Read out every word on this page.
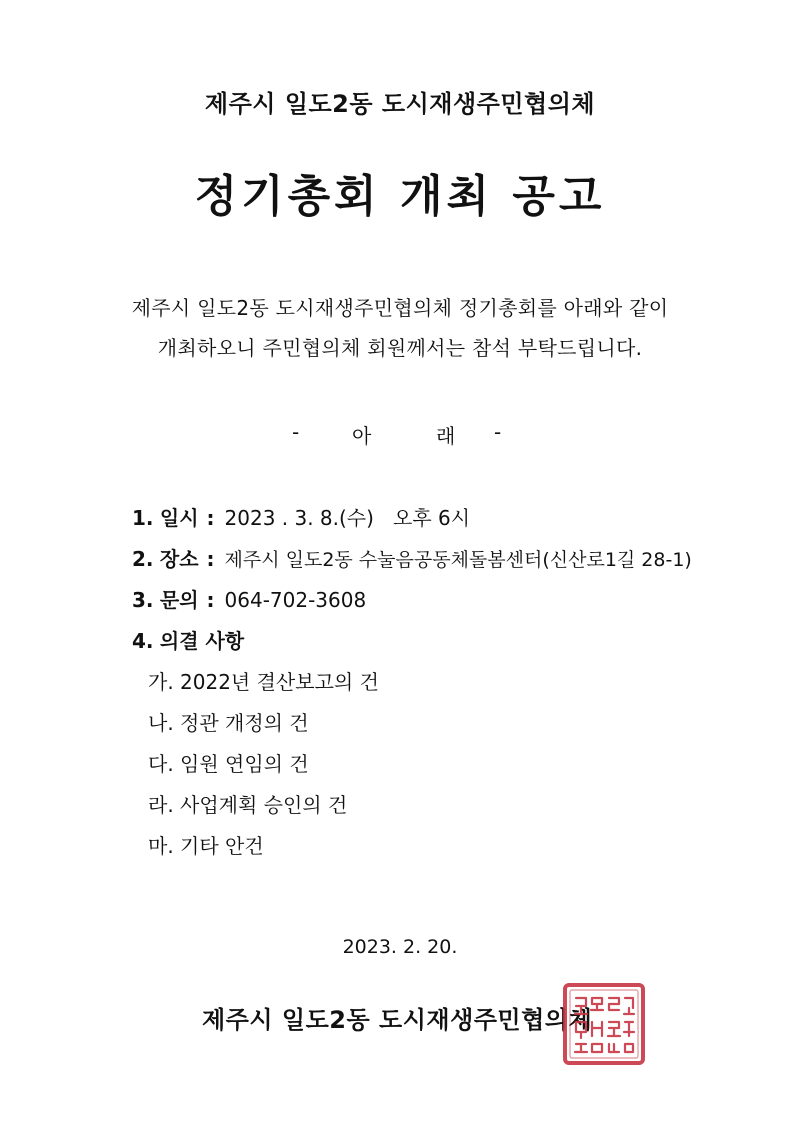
제주시 일도2동 도시재생주민협의체
정기총회 개최 공고
제주시 일도2동 도시재생주민협의체 정기총회를 아래와 같이
개최하오니 주민협의체 회원께서는 참석 부탁드립니다.
-	아	래 -
1. 일시 : 2023 . 3. 8.(수)   오후 6시
2. 장소 : 제주시 일도2동 수눌음공동체돌봄센터(신산로1길 28-1)
3. 문의 : 064-702-3608
4. 의결 사항
가. 2022년 결산보고의 건
나. 정관 개정의 건
다. 임원 연임의 건
라. 사업계획 승인의 건
마. 기타 안건
2023. 2. 20.
제주시 일도2동 도시재생주민협의체
